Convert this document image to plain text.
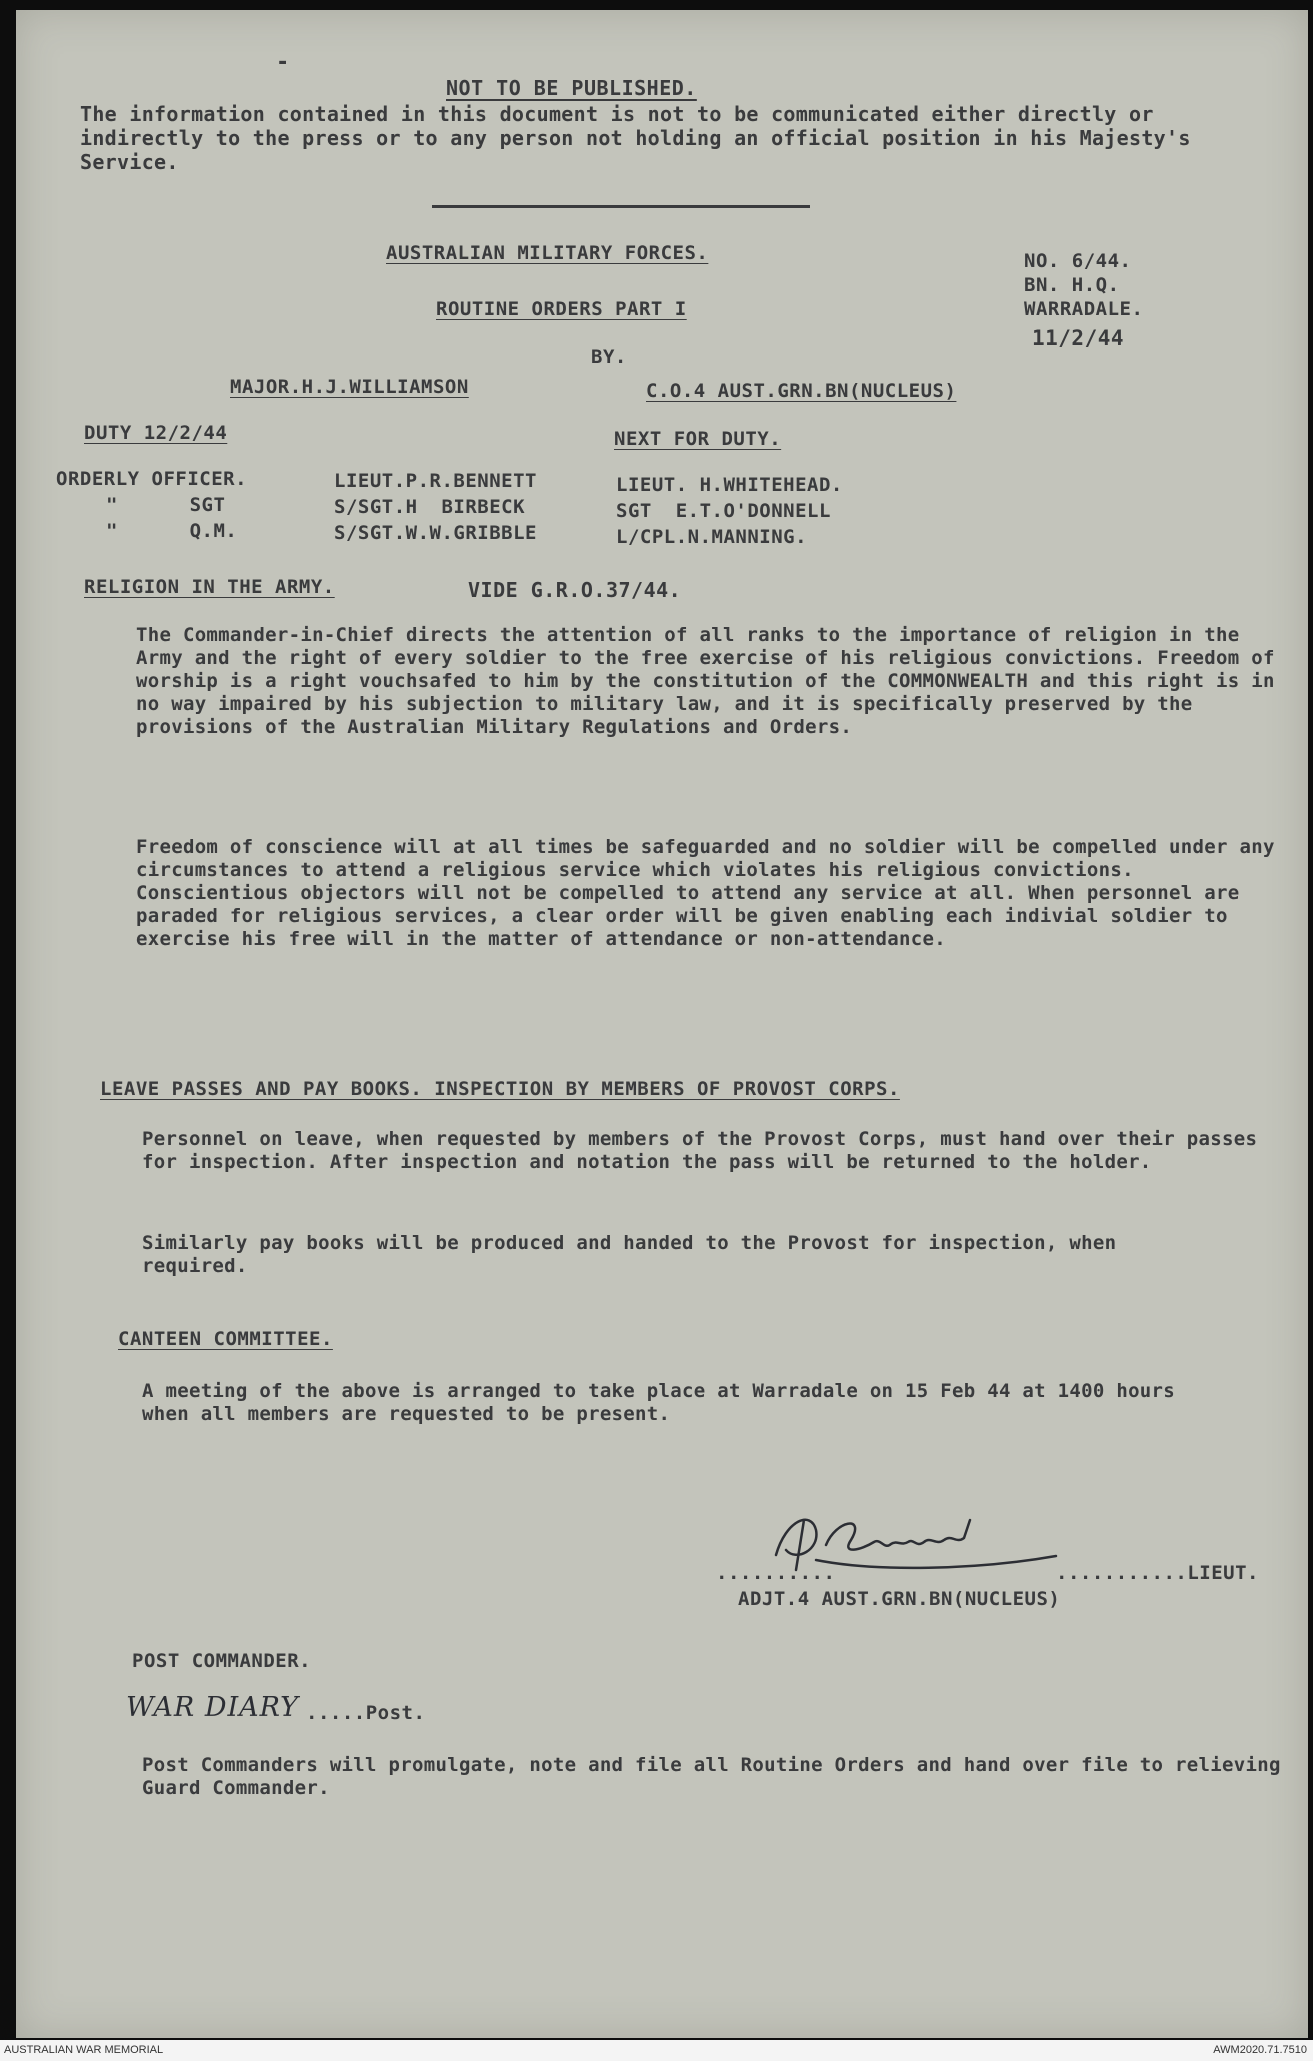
-
NOT TO BE PUBLISHED.
The information contained in this document is not to be communicated either directly or indirectly to the press or to any person not holding an official position in his Majesty's Service.
AUSTRALIAN MILITARY FORCES.
ROUTINE ORDERS PART I
BY.
MAJOR.H.J.WILLIAMSON	C.O.4 AUST.GRN.BN(NUCLEUS)
NO. 6/44.
BN. H.Q.
WARRADALE.
11/2/44
DUTY 12/2/44	NEXT FOR DUTY.
ORDERLY OFFICER.	LIEUT.P.R.BENNETT	LIEUT. H.WHITEHEAD.
"      SGT	S/SGT.H  BIRBECK	SGT  E.T.O'DONNELL
"      Q.M.	S/SGT.W.W.GRIBBLE	L/CPL.N.MANNING.
RELIGION IN THE ARMY.	VIDE G.R.O.37/44.
The Commander-in-Chief directs the attention of all ranks to the importance of religion in the Army and the right of every soldier to the free exercise of his religious convictions. Freedom of worship is a right vouchsafed to him by the constitution of the COMMONWEALTH and this right is in no way impaired by his subjection to military law, and it is specifically preserved by the provisions of the Australian Military Regulations and Orders.
Freedom of conscience will at all times be safeguarded and no soldier will be compelled under any circumstances to attend a religious service which violates his religious convictions. Conscientious objectors will not be compelled to attend any service at all. When personnel are paraded for religious services, a clear order will be given enabling each indivial soldier to exercise his free will in the matter of attendance or non-attendance.
LEAVE PASSES AND PAY BOOKS. INSPECTION BY MEMBERS OF PROVOST CORPS.
Personnel on leave, when requested by members of the Provost Corps, must hand over their passes for inspection. After inspection and notation the pass will be returned to the holder.
Similarly pay books will be produced and handed to the Provost for inspection, when required.
CANTEEN COMMITTEE.
A meeting of the above is arranged to take place at Warradale on 15 Feb 44 at 1400 hours when all members are requested to be present.
...........LIEUT.
..........
ADJT.4 AUST.GRN.BN(NUCLEUS)
POST COMMANDER.
WAR DIARY .....Post.
Post Commanders will promulgate, note and file all Routine Orders and hand over file to relieving Guard Commander.
AUSTRALIAN WAR MEMORIAL	AWM2020.71.7510
